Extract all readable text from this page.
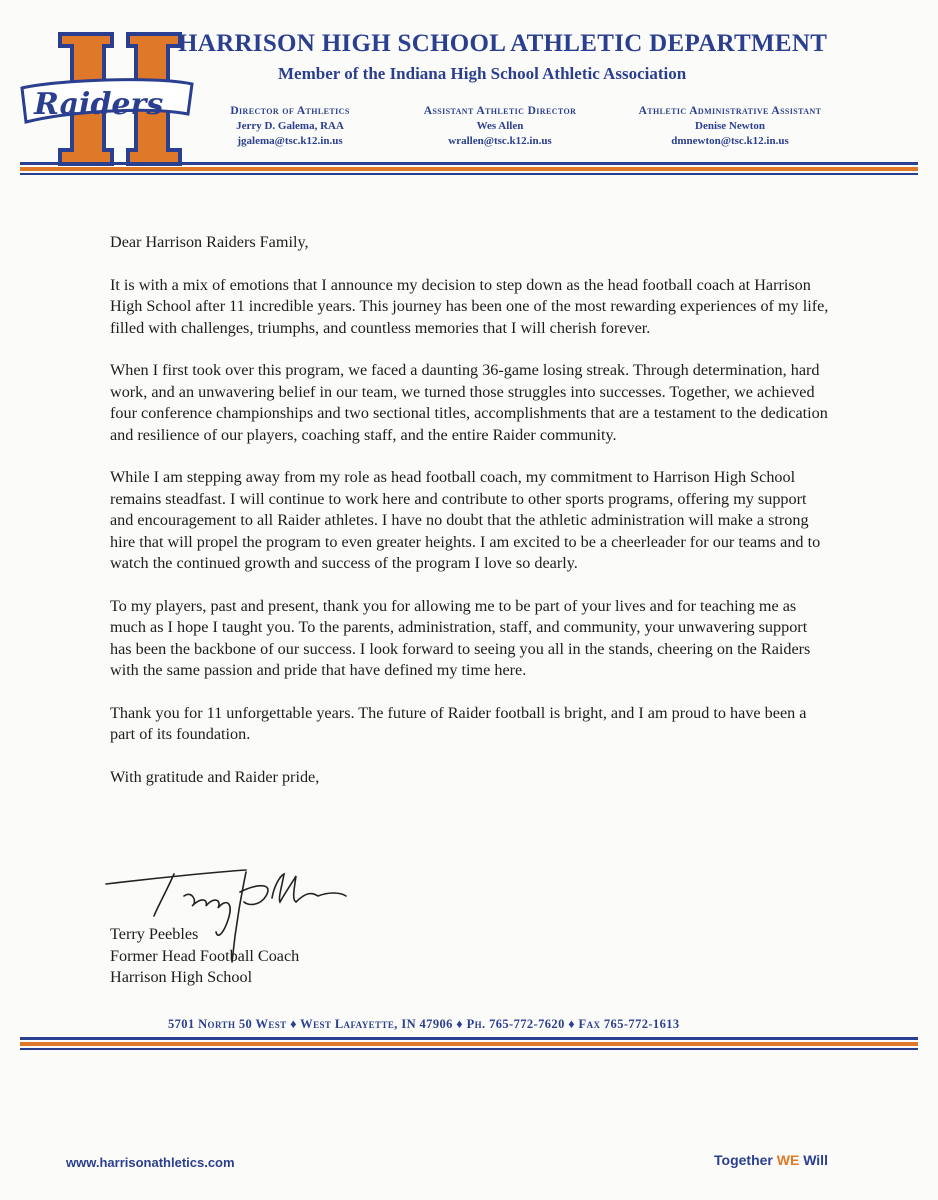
Raiders
HARRISON HIGH SCHOOL ATHLETIC DEPARTMENT
Member of the Indiana High School Athletic Association
Director of Athletics
Jerry D. Galema, RAA
jgalema@tsc.k12.in.us
Assistant Athletic Director
Wes Allen
wrallen@tsc.k12.in.us
Athletic Administrative Assistant
Denise Newton
dmnewton@tsc.k12.in.us

Dear Harrison Raiders Family,

It is with a mix of emotions that I announce my decision to step down as the head football coach at Harrison High School after 11 incredible years. This journey has been one of the most rewarding experiences of my life, filled with challenges, triumphs, and countless memories that I will cherish forever.

When I first took over this program, we faced a daunting 36-game losing streak. Through determination, hard work, and an unwavering belief in our team, we turned those struggles into successes. Together, we achieved four conference championships and two sectional titles, accomplishments that are a testament to the dedication and resilience of our players, coaching staff, and the entire Raider community.

While I am stepping away from my role as head football coach, my commitment to Harrison High School remains steadfast. I will continue to work here and contribute to other sports programs, offering my support and encouragement to all Raider athletes. I have no doubt that the athletic administration will make a strong hire that will propel the program to even greater heights. I am excited to be a cheerleader for our teams and to watch the continued growth and success of the program I love so dearly.

To my players, past and present, thank you for allowing me to be part of your lives and for teaching me as much as I hope I taught you. To the parents, administration, staff, and community, your unwavering support has been the backbone of our success. I look forward to seeing you all in the stands, cheering on the Raiders with the same passion and pride that have defined my time here.

Thank you for 11 unforgettable years. The future of Raider football is bright, and I am proud to have been a part of its foundation.

With gratitude and Raider pride,

Terry Peebles
Former Head Football Coach
Harrison High School
5701 North 50 West ♦ West Lafayette, IN 47906 ♦ Ph. 765-772-7620 ♦ Fax 765-772-1613
www.harrisonathletics.com	Together WE Will
